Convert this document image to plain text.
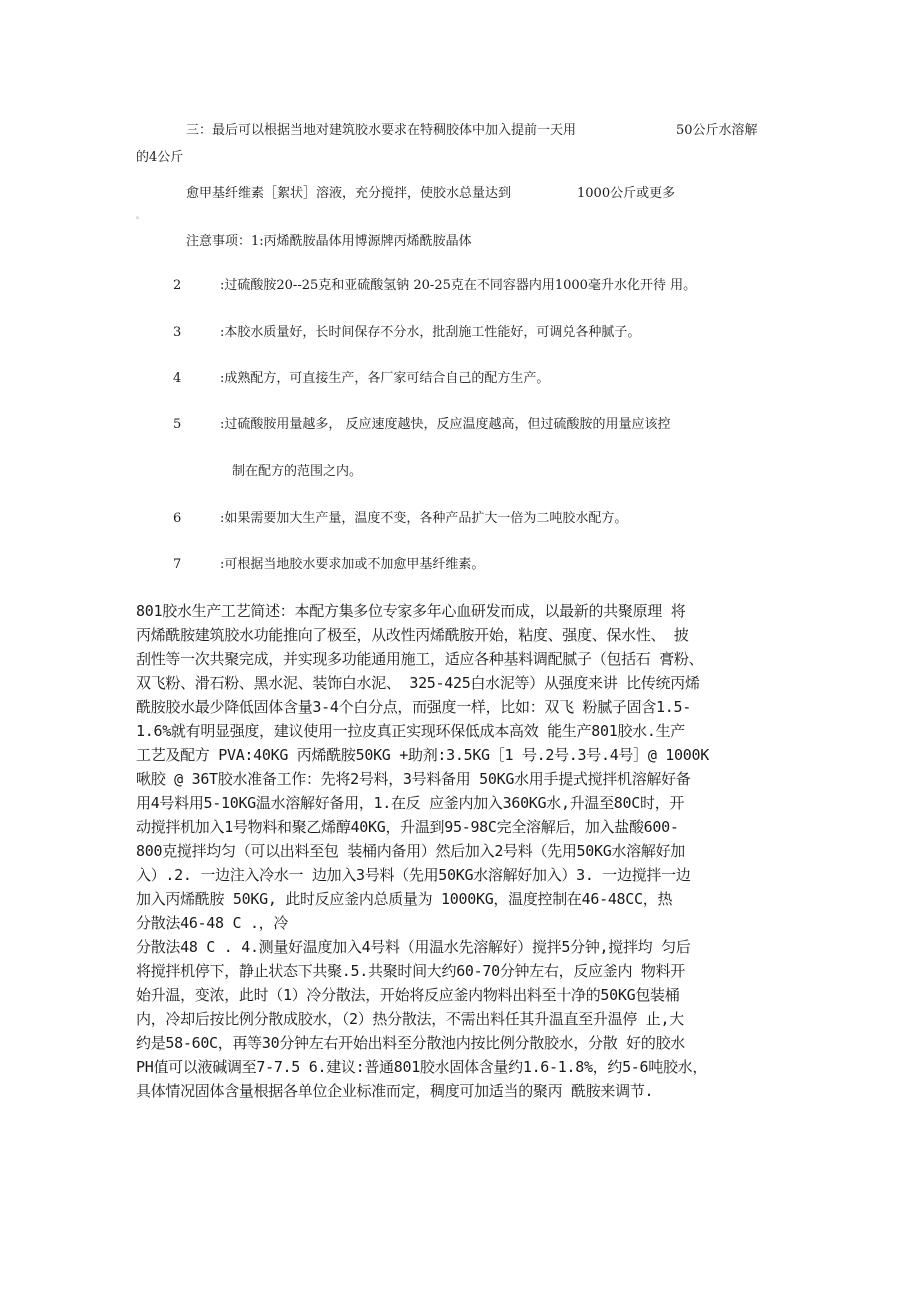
三：最后可以根据当地对建筑胶水要求在特稠胶体中加入提前一天用	50公斤水溶解
的4公斤
愈甲基纤维素［絮状］溶液，充分搅拌，使胶水总量达到	1000公斤或更多
。
注意事项：1:丙烯酰胺晶体用博源牌丙烯酰胺晶体
2	:过硫酸胺20--25克和亚硫酸氢钠 20-25克在不同容器内用1000毫升水化开待 用。
3	:本胶水质量好，长时间保存不分水，批刮施工性能好，可调兑各种腻子。
4	:成熟配方，可直接生产，各厂家可结合自己的配方生产。
5	:过硫酸胺用量越多， 反应速度越快，反应温度越高，但过硫酸胺的用量应该控
制在配方的范围之内。
6	:如果需要加大生产量，温度不变，各种产品扩大一倍为二吨胶水配方。
7	:可根据当地胶水要求加或不加愈甲基纤维素。
801胶水生产工艺简述：本配方集多位专家多年心血研发而成，以最新的共聚原理 将
丙烯酰胺建筑胶水功能推向了极至，从改性丙烯酰胺开始，粘度、强度、保水性、 披
刮性等一次共聚完成，并实现多功能通用施工，适应各种基料调配腻子（包括石 膏粉、
双飞粉、滑石粉、黑水泥、装饰白水泥、 325-425白水泥等）从强度来讲 比传统丙烯
酰胺胶水最少降低固体含量3-4个白分点，而强度一样，比如：双飞 粉腻子固含1.5-
1.6%就有明显强度，建议使用一拉皮真正实现环保低成本高效 能生产801胶水.生产
工艺及配方 PVA:40KG 丙烯酰胺50KG +助剂:3.5KG［1 号.2号.3号.4号］@ 1000K
啾胶 @ 36T胶水准备工作：先将2号料，3号料备用 50KG水用手提式搅拌机溶解好备
用4号料用5-10KG温水溶解好备用，1.在反 应釜内加入360KG水,升温至80C时，开
动搅拌机加入1号物料和聚乙烯醇40KG，升温到95-98C完全溶解后，加入盐酸600-
800克搅拌均匀（可以出料至包 装桶内备用）然后加入2号料（先用50KG水溶解好加
入）.2. 一边注入冷水一 边加入3号料（先用50KG水溶解好加入）3. 一边搅拌一边
加入丙烯酰胺 50KG, 此时反应釜内总质量为 1000KG，温度控制在46-48CC，热
分散法46-48 C .，冷
分散法48 C . 4.测量好温度加入4号料（用温水先溶解好）搅拌5分钟,搅拌均 匀后
将搅拌机停下，静止状态下共聚.5.共聚时间大约60-70分钟左右，反应釜内 物料开
始升温，变浓，此时（1）冷分散法，开始将反应釜内物料出料至十净的50KG包装桶
内，冷却后按比例分散成胶水，（2）热分散法，不需出料任其升温直至升温停 止,大
约是58-60C，再等30分钟左右开始出料至分散池内按比例分散胶水，分散 好的胶水
PH值可以液碱调至7-7.5 6.建议:普通801胶水固体含量约1.6-1.8%，约5-6吨胶水，
具体情况固体含量根据各单位企业标准而定，稠度可加适当的聚丙 酰胺来调节.
